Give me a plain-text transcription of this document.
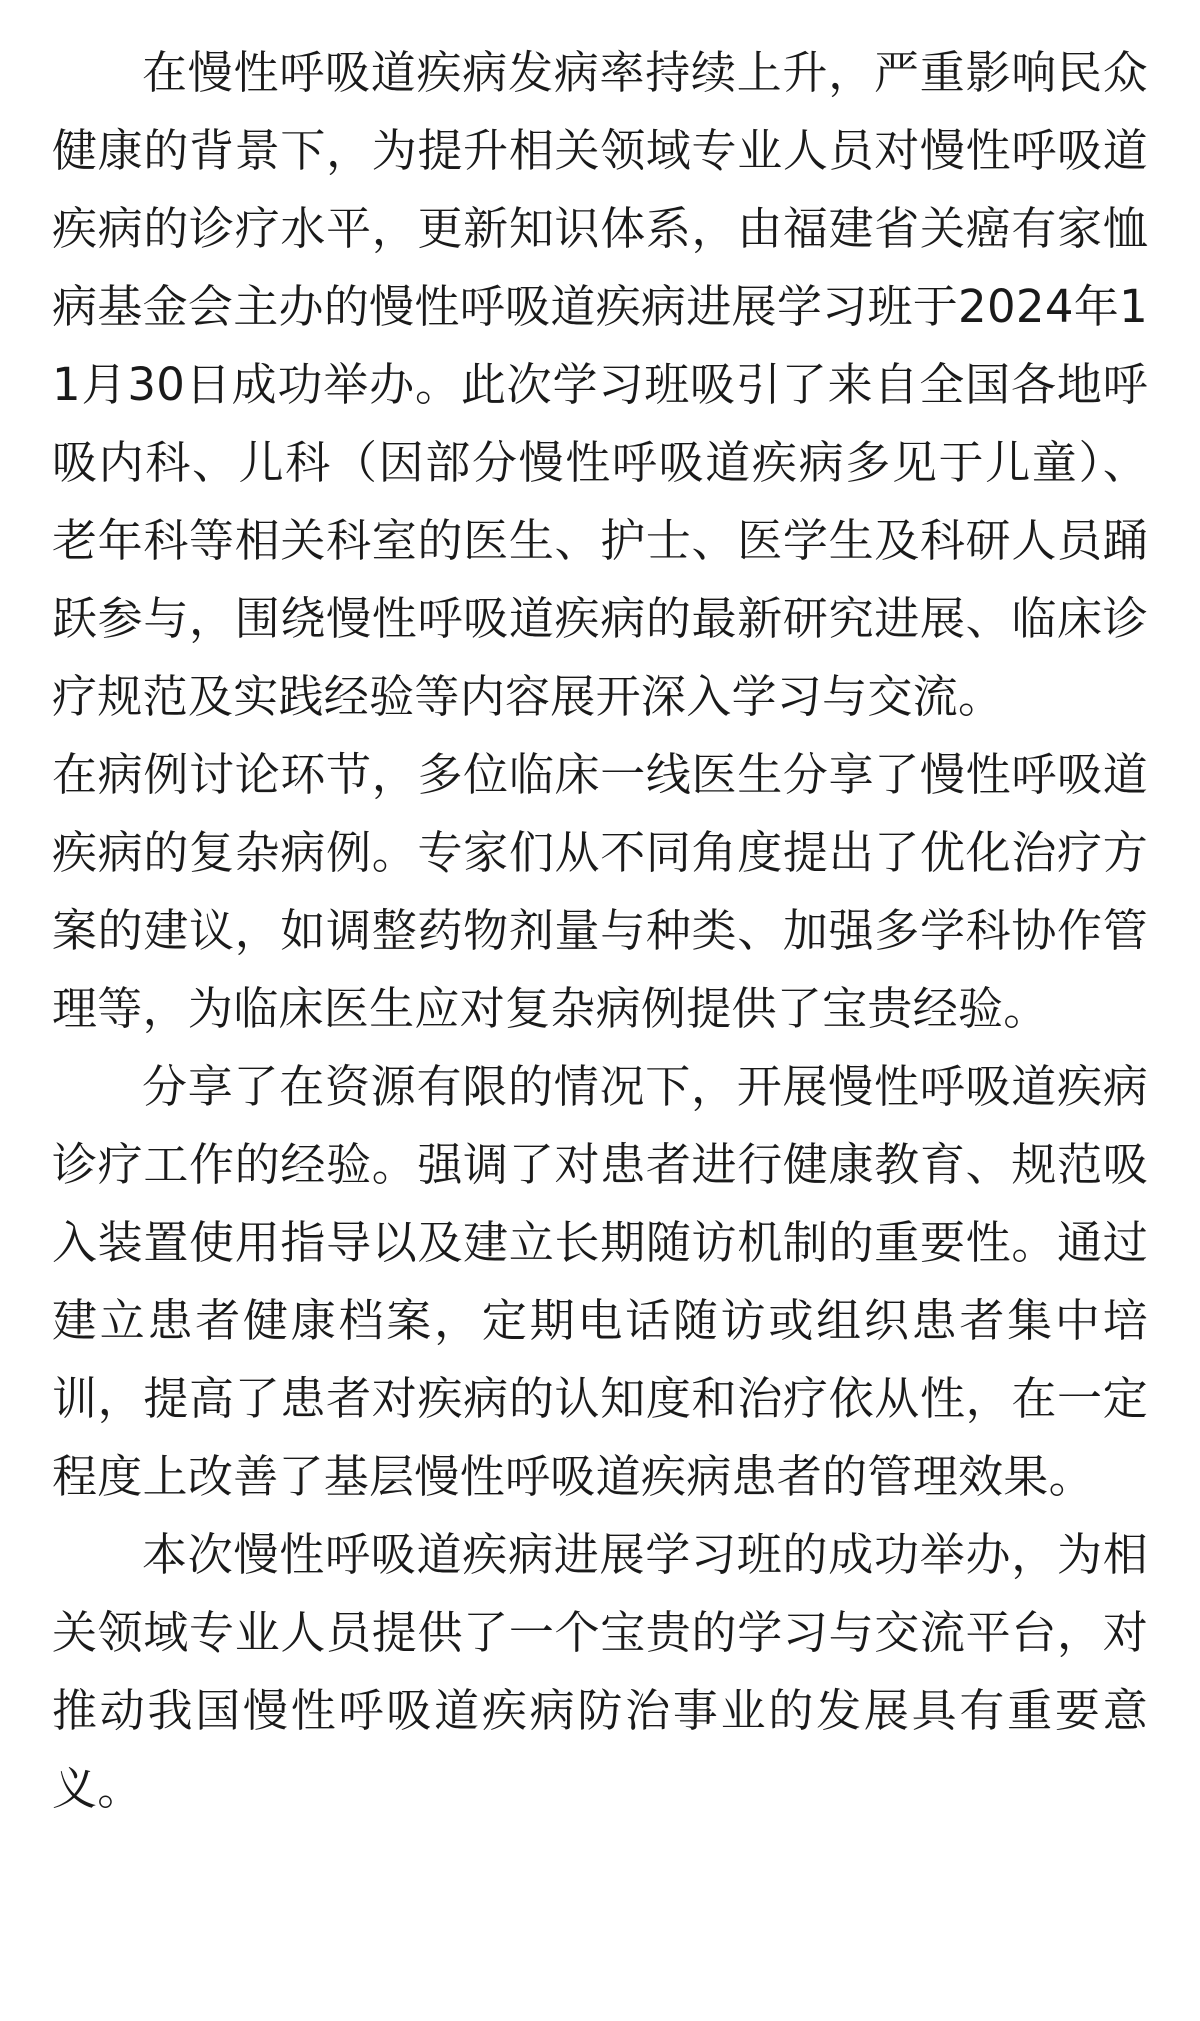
在慢性呼吸道疾病发病率持续上升，严重影响民众健康的背景下，为提升相关领域专业人员对慢性呼吸道疾病的诊疗水平，更新知识体系，由福建省关癌有家恤病基金会主办的慢性呼吸道疾病进展学习班于2024年11月30日成功举办。此次学习班吸引了来自全国各地呼吸内科、儿科（因部分慢性呼吸道疾病多见于儿童）、老年科等相关科室的医生、护士、医学生及科研人员踊跃参与，围绕慢性呼吸道疾病的最新研究进展、临床诊疗规范及实践经验等内容展开深入学习与交流。

在病例讨论环节，多位临床一线医生分享了慢性呼吸道疾病的复杂病例。专家们从不同角度提出了优化治疗方案的建议，如调整药物剂量与种类、加强多学科协作管理等，为临床医生应对复杂病例提供了宝贵经验。

分享了在资源有限的情况下，开展慢性呼吸道疾病诊疗工作的经验。强调了对患者进行健康教育、规范吸入装置使用指导以及建立长期随访机制的重要性。通过建立患者健康档案，定期电话随访或组织患者集中培训，提高了患者对疾病的认知度和治疗依从性，在一定程度上改善了基层慢性呼吸道疾病患者的管理效果。

本次慢性呼吸道疾病进展学习班的成功举办，为相关领域专业人员提供了一个宝贵的学习与交流平台，对推动我国慢性呼吸道疾病防治事业的发展具有重要意义。
